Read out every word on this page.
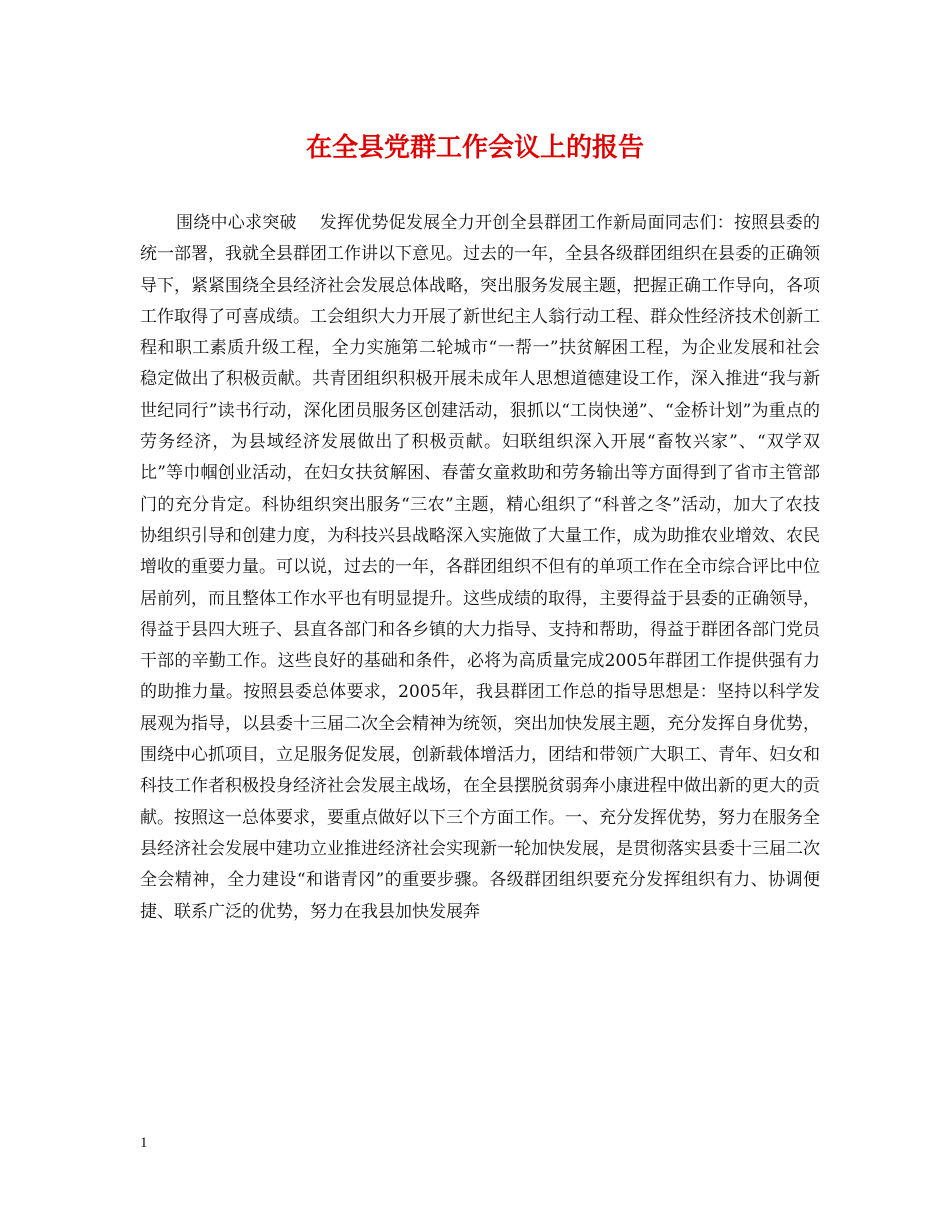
在全县党群工作会议上的报告

围绕中心求突破　 发挥优势促发展全力开创全县群团工作新局面同志们：按照县委的统一部署，我就全县群团工作讲以下意见。过去的一年，全县各级群团组织在县委的正确领导下，紧紧围绕全县经济社会发展总体战略，突出服务发展主题，把握正确工作导向，各项工作取得了可喜成绩。工会组织大力开展了新世纪主人翁行动工程、群众性经济技术创新工程和职工素质升级工程，全力实施第二轮城市“一帮一”扶贫解困工程，为企业发展和社会稳定做出了积极贡献。共青团组织积极开展未成年人思想道德建设工作，深入推进“我与新世纪同行”读书行动，深化团员服务区创建活动，狠抓以“工岗快递”、“金桥计划”为重点的劳务经济，为县域经济发展做出了积极贡献。妇联组织深入开展“畜牧兴家”、“双学双比”等巾帼创业活动，在妇女扶贫解困、春蕾女童救助和劳务输出等方面得到了省市主管部门的充分肯定。科协组织突出服务“三农”主题，精心组织了“科普之冬”活动，加大了农技协组织引导和创建力度，为科技兴县战略深入实施做了大量工作，成为助推农业增效、农民增收的重要力量。可以说，过去的一年，各群团组织不但有的单项工作在全市综合评比中位居前列，而且整体工作水平也有明显提升。这些成绩的取得，主要得益于县委的正确领导，得益于县四大班子、县直各部门和各乡镇的大力指导、支持和帮助，得益于群团各部门党员干部的辛勤工作。这些良好的基础和条件，必将为高质量完成2005年群团工作提供强有力的助推力量。按照县委总体要求，2005年，我县群团工作总的指导思想是：坚持以科学发展观为指导，以县委十三届二次全会精神为统领，突出加快发展主题，充分发挥自身优势，围绕中心抓项目，立足服务促发展，创新载体增活力，团结和带领广大职工、青年、妇女和科技工作者积极投身经济社会发展主战场，在全县摆脱贫弱奔小康进程中做出新的更大的贡献。按照这一总体要求，要重点做好以下三个方面工作。一、充分发挥优势，努力在服务全县经济社会发展中建功立业推进经济社会实现新一轮加快发展，是贯彻落实县委十三届二次全会精神，全力建设“和谐青冈”的重要步骤。各级群团组织要充分发挥组织有力、协调便捷、联系广泛的优势，努力在我县加快发展奔

1
